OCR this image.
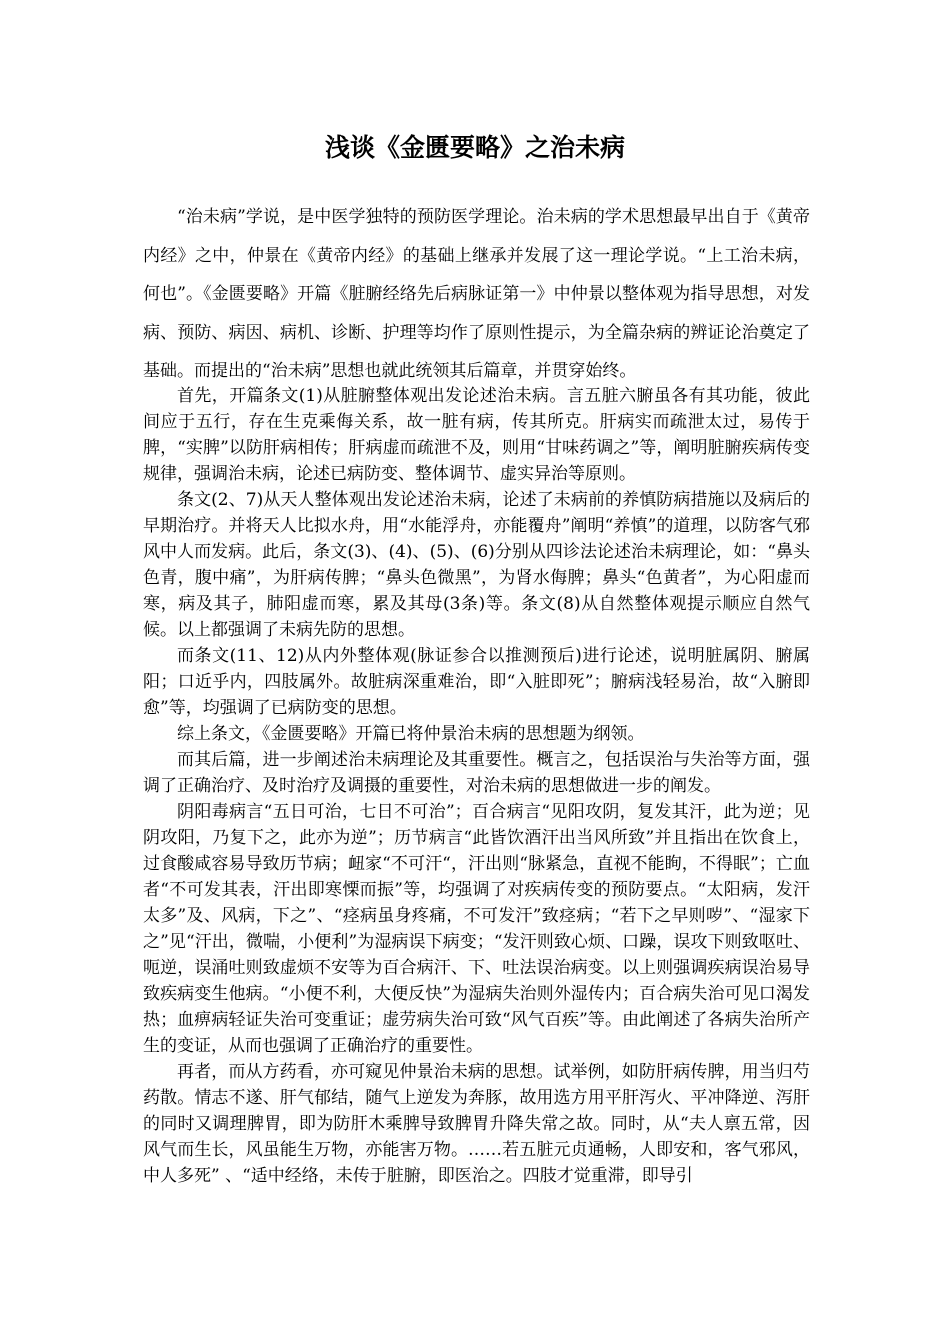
浅谈《金匮要略》之治未病

“治未病”学说，是中医学独特的预防医学理论。治未病的学术思想最早出自于《黄帝内经》之中，仲景在《黄帝内经》的基础上继承并发展了这一理论学说。“上工治未病，何也”。《金匮要略》开篇《脏腑经络先后病脉证第一》中仲景以整体观为指导思想，对发病、预防、病因、病机、诊断、护理等均作了原则性提示，为全篇杂病的辨证论治奠定了基础。而提出的“治未病”思想也就此统领其后篇章，并贯穿始终。

首先，开篇条文(1)从脏腑整体观出发论述治未病。言五脏六腑虽各有其功能，彼此间应于五行，存在生克乘侮关系，故一脏有病，传其所克。肝病实而疏泄太过，易传于脾，“实脾”以防肝病相传；肝病虚而疏泄不及，则用“甘味药调之”等，阐明脏腑疾病传变规律，强调治未病，论述已病防变、整体调节、虚实异治等原则。

条文(2、7)从天人整体观出发论述治未病，论述了未病前的养慎防病措施以及病后的早期治疗。并将天人比拟水舟，用“水能浮舟，亦能覆舟”阐明“养慎”的道理，以防客气邪风中人而发病。此后，条文(3)、(4)、(5)、(6)分别从四诊法论述治未病理论，如：“鼻头色青，腹中痛”，为肝病传脾；“鼻头色微黑”，为肾水侮脾；鼻头“色黄者”，为心阳虚而寒，病及其子，肺阳虚而寒，累及其母(3条)等。条文(8)从自然整体观提示顺应自然气候。以上都强调了未病先防的思想。

而条文(11、12)从内外整体观(脉证参合以推测预后)进行论述，说明脏属阴、腑属阳；口近乎内，四肢属外。故脏病深重难治，即“入脏即死”；腑病浅轻易治，故“入腑即愈”等，均强调了已病防变的思想。

综上条文，《金匮要略》开篇已将仲景治未病的思想题为纲领。

而其后篇，进一步阐述治未病理论及其重要性。概言之，包括误治与失治等方面，强调了正确治疗、及时治疗及调摄的重要性，对治未病的思想做进一步的阐发。

阴阳毒病言“五日可治，七日不可治”；百合病言“见阳攻阴，复发其汗，此为逆；见阴攻阳，乃复下之，此亦为逆”；历节病言“此皆饮酒汗出当风所致”并且指出在饮食上，过食酸咸容易导致历节病；衄家“不可汗“，汗出则“脉紧急，直视不能眴，不得眠”；亡血者“不可发其表，汗出即寒慄而振”等，均强调了对疾病传变的预防要点。“太阳病，发汗太多”及、风病，下之”、“痉病虽身疼痛，不可发汗”致痉病；“若下之早则哕”、“湿家下之”见“汗出，微喘，小便利”为湿病误下病变；“发汗则致心烦、口躁，误攻下则致呕吐、呃逆，误涌吐则致虚烦不安等为百合病汗、下、吐法误治病变。以上则强调疾病误治易导致疾病变生他病。“小便不利，大便反快”为湿病失治则外湿传内；百合病失治可见口渴发热；血痹病轻证失治可变重证；虚劳病失治可致“风气百疾”等。由此阐述了各病失治所产生的变证，从而也强调了正确治疗的重要性。

再者，而从方药看，亦可窥见仲景治未病的思想。试举例，如防肝病传脾，用当归芍药散。情志不遂、肝气郁结，随气上逆发为奔豚，故用选方用平肝泻火、平冲降逆、泻肝的同时又调理脾胃，即为防肝木乘脾导致脾胃升降失常之故。同时，从“夫人禀五常，因风气而生长，风虽能生万物，亦能害万物。……若五脏元贞通畅，人即安和，客气邪风，中人多死” 、“适中经络，未传于脏腑，即医治之。四肢才觉重滞，即导引
